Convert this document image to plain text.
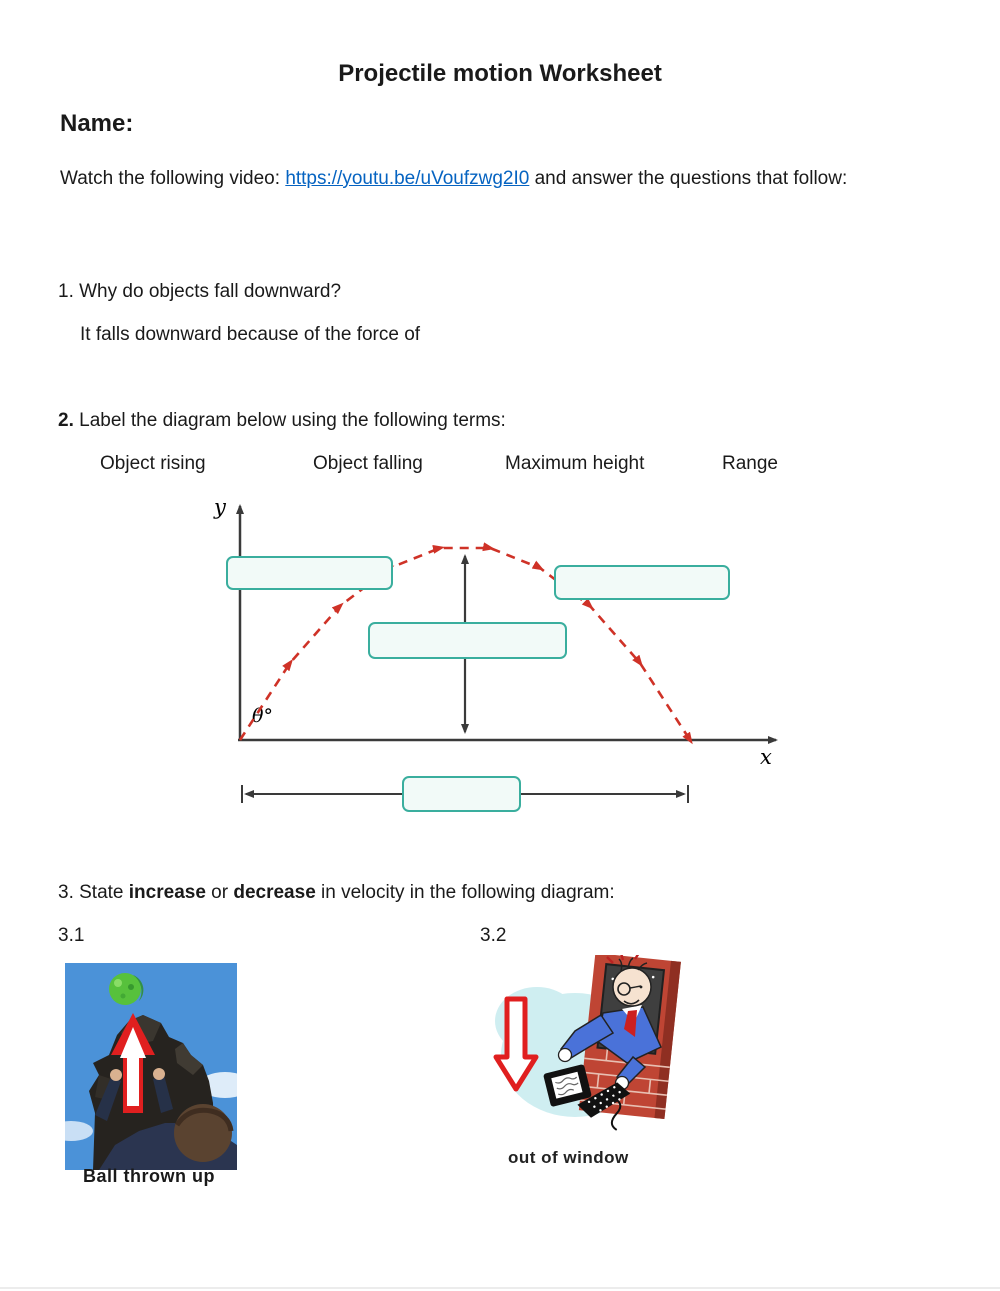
Projectile motion Worksheet
Name:
Watch the following video: https://youtu.be/uVoufzwg2I0 and answer the questions that follow:
1. Why do objects fall downward?
It falls downward because of the force of
2. Label the diagram below using the following terms:
Object rising	Object falling	Maximum height	Range
y
x
θ°
3. State increase or decrease in velocity in the following diagram:
3.1	3.2
Ball thrown up
out of window
